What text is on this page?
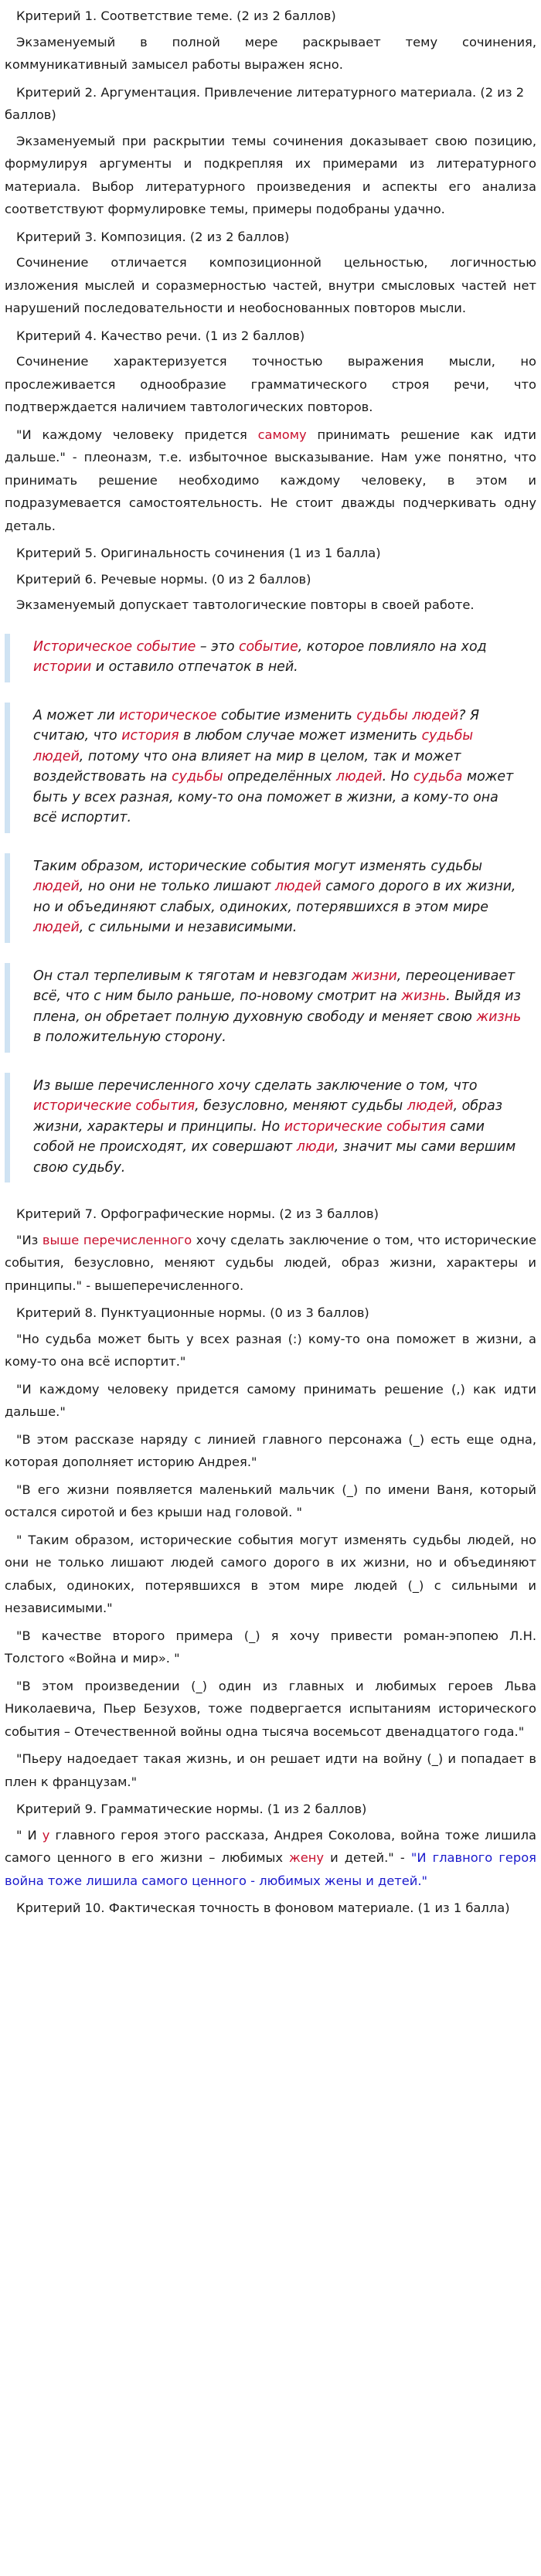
Критерий 1. Соответствие теме. (2 из 2 баллов)

Экзаменуемый в полной мере раскрывает тему сочинения, коммуникативный замысел работы выражен ясно.

Критерий 2. Аргументация. Привлечение литературного материала. (2 из 2 баллов)

Экзаменуемый при раскрытии темы сочинения доказывает свою позицию, формулируя аргументы и подкрепляя их примерами из литературного материала. Выбор литературного произведения и аспекты его анализа соответствуют формулировке темы, примеры подобраны удачно.

Критерий 3. Композиция. (2 из 2 баллов)

Сочинение отличается композиционной цельностью, логичностью изложения мыслей и соразмерностью частей, внутри смысловых частей нет нарушений последовательности и необоснованных повторов мысли.

Критерий 4. Качество речи. (1 из 2 баллов)

Сочинение характеризуется точностью выражения мысли, но прослеживается однообразие грамматического строя речи, что подтверждается наличием тавтологических повторов.

"И каждому человеку придется самому принимать решение как идти дальше." - плеоназм, т.е. избыточное высказывание. Нам уже понятно, что принимать решение необходимо каждому человеку, в этом и подразумевается самостоятельность. Не стоит дважды подчеркивать одну деталь.

Критерий 5. Оригинальность сочинения (1 из 1 балла)

Критерий 6. Речевые нормы. (0 из 2 баллов)

Экзаменуемый допускает тавтологические повторы в своей работе.

Историческое событие – это событие, которое повлияло на ход истории и оставило отпечаток в ней.

А может ли историческое событие изменить судьбы людей? Я считаю, что история в любом случае может изменить судьбы людей, потому что она влияет на мир в целом, так и может воздействовать на судьбы определённых людей. Но судьба может быть у всех разная, кому-то она поможет в жизни, а кому-то она всё испортит.

Таким образом, исторические события могут изменять судьбы людей, но они не только лишают людей самого дорого в их жизни, но и объединяют слабых, одиноких, потерявшихся в этом мире людей, с сильными и независимыми.

Он стал терпеливым к тяготам и невзгодам жизни, переоценивает всё, что с ним было раньше, по-новому смотрит на жизнь. Выйдя из плена, он обретает полную духовную свободу и меняет свою жизнь в положительную сторону.

Из выше перечисленного хочу сделать заключение о том, что исторические события, безусловно, меняют судьбы людей, образ жизни, характеры и принципы. Но исторические события сами собой не происходят, их совершают люди, значит мы сами вершим свою судьбу.

Критерий 7. Орфографические нормы. (2 из 3 баллов)

"Из выше перечисленного хочу сделать заключение о том, что исторические события, безусловно, меняют судьбы людей, образ жизни, характеры и принципы." - вышеперечисленного.

Критерий 8. Пунктуационные нормы. (0 из 3 баллов)

"Но судьба может быть у всех разная (:) кому-то она поможет в жизни, а кому-то она всё испортит."

"И каждому человеку придется самому принимать решение (,) как идти дальше."

"В этом рассказе наряду с линией главного персонажа (_) есть еще одна, которая дополняет историю Андрея."

"В его жизни появляется маленький мальчик (_) по имени Ваня, который остался сиротой и без крыши над головой. "

" Таким образом, исторические события могут изменять судьбы людей, но они не только лишают людей самого дорого в их жизни, но и объединяют слабых, одиноких, потерявшихся в этом мире людей (_) с сильными и независимыми."

"В качестве второго примера (_) я хочу привести роман-эпопею Л.Н. Толстого «Война и мир». "

"В этом произведении (_) один из главных и любимых героев Льва Николаевича, Пьер Безухов, тоже подвергается испытаниям исторического события – Отечественной войны одна тысяча восемьсот двенадцатого года."

"Пьеру надоедает такая жизнь, и он решает идти на войну (_) и попадает в плен к французам."

Критерий 9. Грамматические нормы. (1 из 2 баллов)

" И у главного героя этого рассказа, Андрея Соколова, война тоже лишила самого ценного в его жизни – любимых жену и детей." - "И главного героя война тоже лишила самого ценного - любимых жены и детей."

Критерий 10. Фактическая точность в фоновом материале. (1 из 1 балла)
